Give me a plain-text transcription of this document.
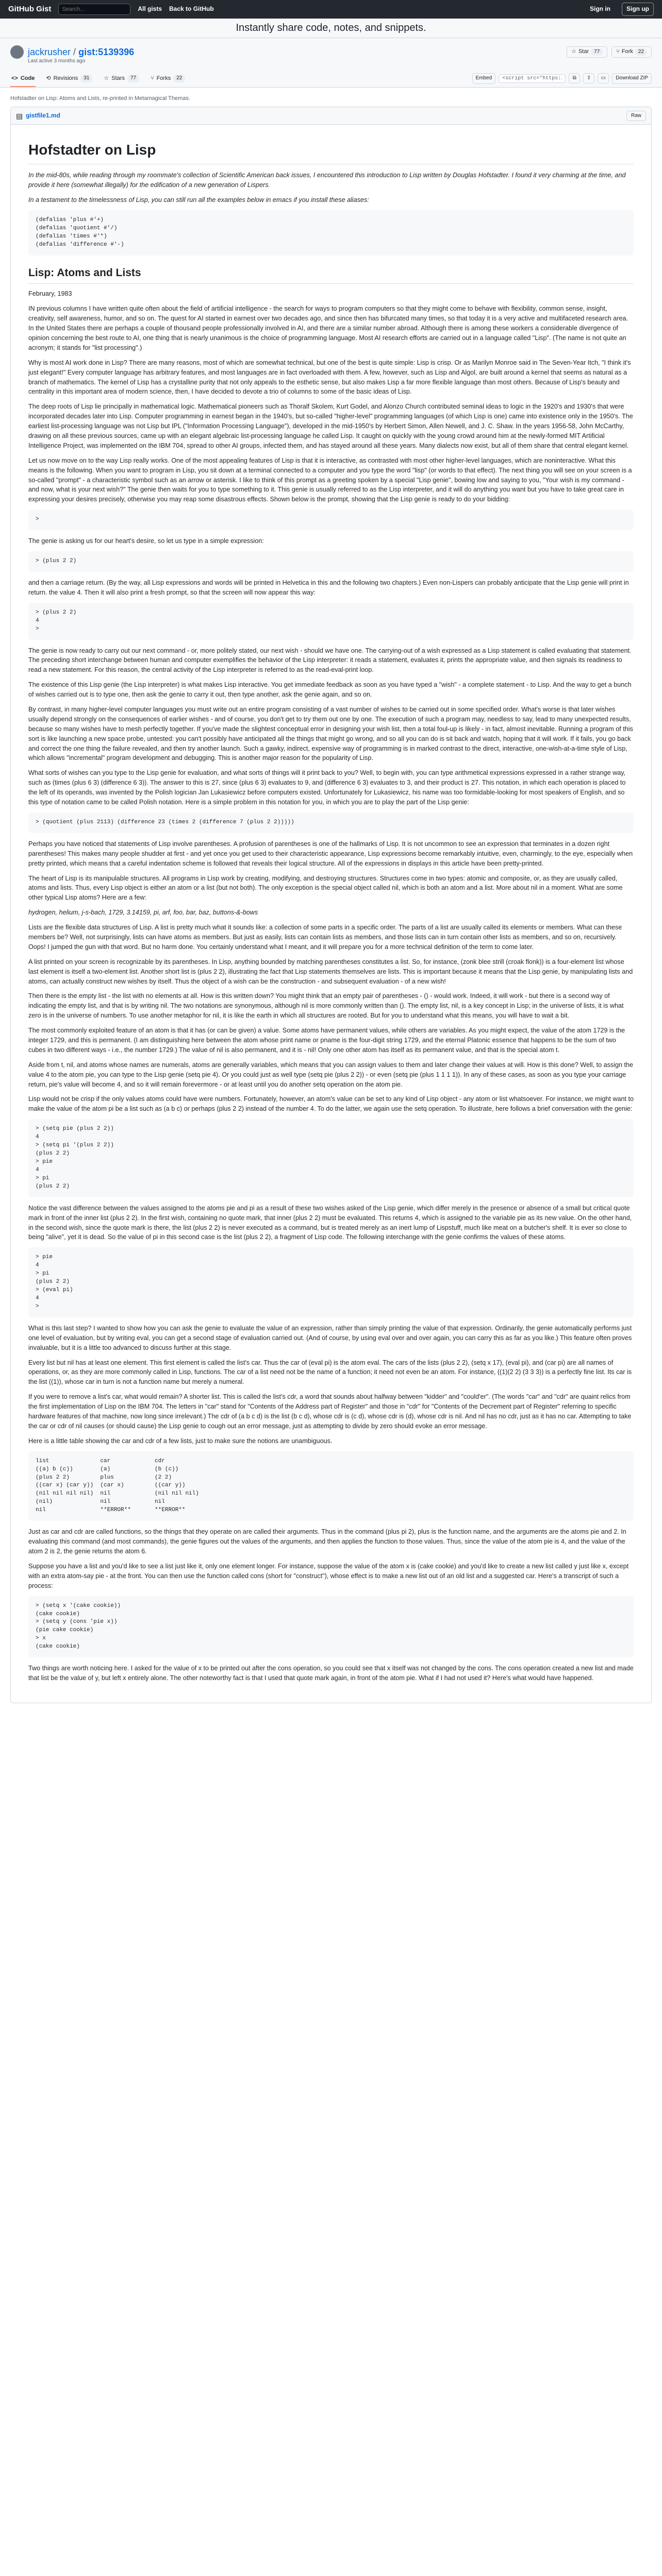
GitHub Gist
Search...	All gists Back to GitHub	Sign in	Sign up
Instantly share code, notes, and snippets.
jackrusher / gist:5139396	☆ Star	77	⑂ Fork	22
Last active 3 months ago
<> Code ⟲ Revisions	31	☆ Stars	77	⑂ Forks	22	Embed
<script src="https://gist	⧉	⇪	▭	Download ZIP
Hofstadter on Lisp: Atoms and Lists, re-printed in Metamagical Themas.
▤ gistfile1.md	Raw
Hofstadter on Lisp

In the mid-80s, while reading through my roommate's collection of Scientific American back issues, I encountered this introduction to Lisp written by Douglas Hofstadter. I found it very charming at the time, and provide it here (somewhat illegally) for the edification of a new generation of Lispers.

In a testament to the timelessness of Lisp, you can still run all the examples below in emacs if you install these aliases:

(defalias 'plus #'+)
(defalias 'quotient #'/)
(defalias 'times #'*)
(defalias 'difference #'-)
Lisp: Atoms and Lists

February, 1983

IN previous columns I have written quite often about the field of artificial intelligence - the search for ways to program computers so that they might come to behave with flexibility, common sense, insight, creativity, self awareness, humor, and so on. The quest for AI started in earnest over two decades ago, and since then has bifurcated many times, so that today it is a very active and multifaceted research area. In the United States there are perhaps a couple of thousand people professionally involved in AI, and there are a similar number abroad. Although there is among these workers a considerable divergence of opinion concerning the best route to AI, one thing that is nearly unanimous is the choice of programming language. Most AI research efforts are carried out in a language called "Lisp". (The name is not quite an acronym; it stands for "list processing".)

Why is most AI work done in Lisp? There are many reasons, most of which are somewhat technical, but one of the best is quite simple: Lisp is crisp. Or as Marilyn Monroe said in The Seven-Year Itch, "I think it's just elegant!" Every computer language has arbitrary features, and most languages are in fact overloaded with them. A few, however, such as Lisp and Algol, are built around a kernel that seems as natural as a branch of mathematics. The kernel of Lisp has a crystalline purity that not only appeals to the esthetic sense, but also makes Lisp a far more flexible language than most others. Because of Lisp's beauty and centrality in this important area of modern science, then, I have decided to devote a trio of columns to some of the basic ideas of Lisp.

The deep roots of Lisp lie principally in mathematical logic. Mathematical pioneers such as Thoralf Skolem, Kurt Godel, and Alonzo Church contributed seminal ideas to logic in the 1920's and 1930's that were incorporated decades later into Lisp. Computer programming in earnest began in the 1940's, but so-called "higher-level" programming languages (of which Lisp is one) came into existence only in the 1950's. The earliest list-processing language was not Lisp but IPL ("Information Processing Language"), developed in the mid-1950's by Herbert Simon, Allen Newell, and J. C. Shaw. In the years 1956-58, John McCarthy, drawing on all these previous sources, came up with an elegant algebraic list-processing language he called Lisp. It caught on quickly with the young crowd around him at the newly-formed MIT Artificial Intelligence Project, was implemented on the IBM 704, spread to other AI groups, infected them, and has stayed around all these years. Many dialects now exist, but all of them share that central elegant kernel.

Let us now move on to the way Lisp really works. One of the most appealing features of Lisp is that it is interactive, as contrasted with most other higher-level languages, which are noninteractive. What this means is the following. When you want to program in Lisp, you sit down at a terminal connected to a computer and you type the word "lisp" (or words to that effect). The next thing you will see on your screen is a so-called "prompt" - a characteristic symbol such as an arrow or asterisk. I like to think of this prompt as a greeting spoken by a special "Lisp genie", bowing low and saying to you, "Your wish is my command - and now, what is your next wish?" The genie then waits for you to type something to it. This genie is usually referred to as the Lisp interpreter, and it will do anything you want but you have to take great care in expressing your desires precisely, otherwise you may reap some disastrous effects. Shown below is the prompt, showing that the Lisp genie is ready to do your bidding:

>

The genie is asking us for our heart's desire, so let us type in a simple expression:

> (plus 2 2)

and then a carriage return. (By the way, all Lisp expressions and words will be printed in Helvetica in this and the following two chapters.) Even non-Lispers can probably anticipate that the Lisp genie will print in return. the value 4. Then it will also print a fresh prompt, so that the screen will now appear this way:

> (plus 2 2)
4
>

The genie is now ready to carry out our next command - or, more politely stated, our next wish - should we have one. The carrying-out of a wish expressed as a Lisp statement is called evaluating that statement. The preceding short interchange between human and computer exemplifies the behavior of the Lisp interpreter: it reads a statement, evaluates it, prints the appropriate value, and then signals its readiness to read a new statement. For this reason, the central activity of the Lisp interpreter is referred to as the read-eval-print loop.

The existence of this Lisp genie (the Lisp interpreter) is what makes Lisp interactive. You get immediate feedback as soon as you have typed a "wish" - a complete statement - to Lisp. And the way to get a bunch of wishes carried out is to type one, then ask the genie to carry it out, then type another, ask the genie again, and so on.

By contrast, in many higher-level computer languages you must write out an entire program consisting of a vast number of wishes to be carried out in some specified order. What's worse is that later wishes usually depend strongly on the consequences of earlier wishes - and of course, you don't get to try them out one by one. The execution of such a program may, needless to say, lead to many unexpected results, because so many wishes have to mesh perfectly together. If you've made the slightest conceptual error in designing your wish list, then a total foul-up is likely - in fact, almost inevitable. Running a program of this sort is like launching a new space probe, untested: you can't possibly have anticipated all the things that might go wrong, and so all you can do is sit back and watch, hoping that it will work. If it fails, you go back and correct the one thing the failure revealed, and then try another launch. Such a gawky, indirect, expensive way of programming is in marked contrast to the direct, interactive, one-wish-at-a-time style of Lisp, which allows "incremental" program development and debugging. This is another major reason for the popularity of Lisp.

What sorts of wishes can you type to the Lisp genie for evaluation, and what sorts of things will it print back to you? Well, to begin with, you can type arithmetical expressions expressed in a rather strange way, such as (times (plus 6 3) (difference 6 3)). The answer to this is 27, since (plus 6 3) evaluates to 9, and (difference 6 3) evaluates to 3, and their product is 27. This notation, in which each operation is placed to the left of its operands, was invented by the Polish logician Jan Lukasiewicz before computers existed. Unfortunately for Lukasiewicz, his name was too formidable-looking for most speakers of English, and so this type of notation came to be called Polish notation. Here is a simple problem in this notation for you, in which you are to play the part of the Lisp genie:

> (quotient (plus 2113) (difference 23 (times 2 (difference 7 (plus 2 2)))))

Perhaps you have noticed that statements of Lisp involve parentheses. A profusion of parentheses is one of the hallmarks of Lisp. It is not uncommon to see an expression that terminates in a dozen right parentheses! This makes many people shudder at first - and yet once you get used to their characteristic appearance, Lisp expressions become remarkably intuitive, even, charmingly, to the eye, especially when pretty printed, which means that a careful indentation scheme is followed that reveals their logical structure. All of the expressions in displays in this article have been pretty-printed.

The heart of Lisp is its manipulable structures. All programs in Lisp work by creating, modifying, and destroying structures. Structures come in two types: atomic and composite, or, as they are usually called, atoms and lists. Thus, every Lisp object is either an atom or a list (but not both). The only exception is the special object called nil, which is both an atom and a list. More about nil in a moment. What are some other typical Lisp atoms? Here are a few:

hydrogen, helium, j-s-bach, 1729, 3.14159, pi, arf, foo, bar, baz, buttons-&-bows

Lists are the flexible data structures of Lisp. A list is pretty much what it sounds like: a collection of some parts in a specific order. The parts of a list are usually called its elements or members. What can these members be? Well, not surprisingly, lists can have atoms as members. But just as easily, lists can contain lists as members, and those lists can in turn contain other lists as members, and so on, recursively. Oops! I jumped the gun with that word. But no harm done. You certainly understand what I meant, and it will prepare you for a more technical definition of the term to come later.

A list printed on your screen is recognizable by its parentheses. In Lisp, anything bounded by matching parentheses constitutes a list. So, for instance, (zonk blee strill (croak flonk)) is a four-element list whose last element is itself a two-element list. Another short list is (plus 2 2), illustrating the fact that Lisp statements themselves are lists. This is important because it means that the Lisp genie, by manipulating lists and atoms, can actually construct new wishes by itself. Thus the object of a wish can be the construction - and subsequent evaluation - of a new wish!

Then there is the empty list - the list with no elements at all. How is this written down? You might think that an empty pair of parentheses - () - would work. Indeed, it will work - but there is a second way of indicating the empty list, and that is by writing nil. The two notations are synonymous, although nil is more commonly written than (). The empty list, nil, is a key concept in Lisp; in the universe of lists, it is what zero is in the universe of numbers. To use another metaphor for nil, it is like the earth in which all structures are rooted. But for you to understand what this means, you will have to wait a bit.

The most commonly exploited feature of an atom is that it has (or can be given) a value. Some atoms have permanent values, while others are variables. As you might expect, the value of the atom 1729 is the integer 1729, and this is permanent. (I am distinguishing here between the atom whose print name or pname is the four-digit string 1729, and the eternal Platonic essence that happens to be the sum of two cubes in two different ways - i.e., the number 1729.) The value of nil is also permanent, and it is - nil! Only one other atom has itself as its permanent value, and that is the special atom t.

Aside from t, nil, and atoms whose names are numerals, atoms are generally variables, which means that you can assign values to them and later change their values at will. How is this done? Well, to assign the value 4 to the atom pie, you can type to the Lisp genie (setq pie 4). Or you could just as well type (setq pie (plus 2 2)) - or even (setq pie (plus 1 1 1 1)). In any of these cases, as soon as you type your carriage return, pie's value will become 4, and so it will remain forevermore - or at least until you do another setq operation on the atom pie.

Lisp would not be crisp if the only values atoms could have were numbers. Fortunately, however, an atom's value can be set to any kind of Lisp object - any atom or list whatsoever. For instance, we might want to make the value of the atom pi be a list such as (a b c) or perhaps (plus 2 2) instead of the number 4. To do the latter, we again use the setq operation. To illustrate, here follows a brief conversation with the genie:

> (setq pie (plus 2 2))
4
> (setq pi '(plus 2 2))
(plus 2 2)
> pie
4
> pi
(plus 2 2)

Notice the vast difference between the values assigned to the atoms pie and pi as a result of these two wishes asked of the Lisp genie, which differ merely in the presence or absence of a small but critical quote mark in front of the inner list (plus 2 2). In the first wish, containing no quote mark, that inner (plus 2 2) must be evaluated. This returns 4, which is assigned to the variable pie as its new value. On the other hand, in the second wish, since the quote mark is there, the list (plus 2 2) is never executed as a command, but is treated merely as an inert lump of Lispstuff, much like meat on a butcher's shelf. It is ever so close to being "alive", yet it is dead. So the value of pi in this second case is the list (plus 2 2), a fragment of Lisp code. The following interchange with the genie confirms the values of these atoms.

> pie
4
> pi
(plus 2 2)
> (eval pi)
4
>

What is this last step? I wanted to show how you can ask the genie to evaluate the value of an expression, rather than simply printing the value of that expression. Ordinarily, the genie automatically performs just one level of evaluation, but by writing eval, you can get a second stage of evaluation carried out. (And of course, by using eval over and over again, you can carry this as far as you like.) This feature often proves invaluable, but it is a little too advanced to discuss further at this stage.

Every list but nil has at least one element. This first element is called the list's car. Thus the car of (eval pi) is the atom eval. The cars of the lists (plus 2 2), (setq x 17), (eval pi), and (car pi) are all names of operations, or, as they are more commonly called in Lisp, functions. The car of a list need not be the name of a function; it need not even be an atom. For instance, ((1)(2 2) (3 3 3)) is a perfectly fine list. Its car is the list ((1)), whose car in turn is not a function name but merely a numeral.

If you were to remove a list's car, what would remain? A shorter list. This is called the list's cdr, a word that sounds about halfway between "kidder" and "could'er". (The words "car" and "cdr" are quaint relics from the first implementation of Lisp on the IBM 704. The letters in "car" stand for "Contents of the Address part of Register" and those in "cdr" for "Contents of the Decrement part of Register" referring to specific hardware features of that machine, now long since irrelevant.) The cdr of (a b c d) is the list (b c d), whose cdr is (c d), whose cdr is (d), whose cdr is nil. And nil has no cdr, just as it has no car. Attempting to take the car or cdr of nil causes (or should cause) the Lisp genie to cough out an error message, just as attempting to divide by zero should evoke an error message.

Here is a little table showing the car and cdr of a few lists, just to make sure the notions are unambiguous.

list               car             cdr
((a) b (c))        (a)             (b (c))
(plus 2 2)         plus            (2 2)
((car x) (car y))  (car x)         ((car y))
(nil nil nil nil)  nil             (nil nil nil)
(nil)              nil             nil
nil                **ERROR**       **ERROR**

Just as car and cdr are called functions, so the things that they operate on are called their arguments. Thus in the command (plus pi 2), plus is the function name, and the arguments are the atoms pie and 2. In evaluating this command (and most commands), the genie figures out the values of the arguments, and then applies the function to those values. Thus, since the value of the atom pie is 4, and the value of the atom 2 is 2, the genie returns the atom 6.

Suppose you have a list and you'd like to see a list just like it, only one element longer. For instance, suppose the value of the atom x is (cake cookie) and you'd like to create a new list called y just like x, except with an extra atom-say pie - at the front. You can then use the function called cons (short for "construct"), whose effect is to make a new list out of an old list and a suggested car. Here's a transcript of such a process:

> (setq x '(cake cookie))
(cake cookie)
> (setq y (cons 'pie x))
(pie cake cookie)
> x
(cake cookie)

Two things are worth noticing here. I asked for the value of x to be printed out after the cons operation, so you could see that x itself was not changed by the cons. The cons operation created a new list and made that list be the value of y, but left x entirely alone. The other noteworthy fact is that I used that quote mark again, in front of the atom pie. What if I had not used it? Here's what would have happened.
